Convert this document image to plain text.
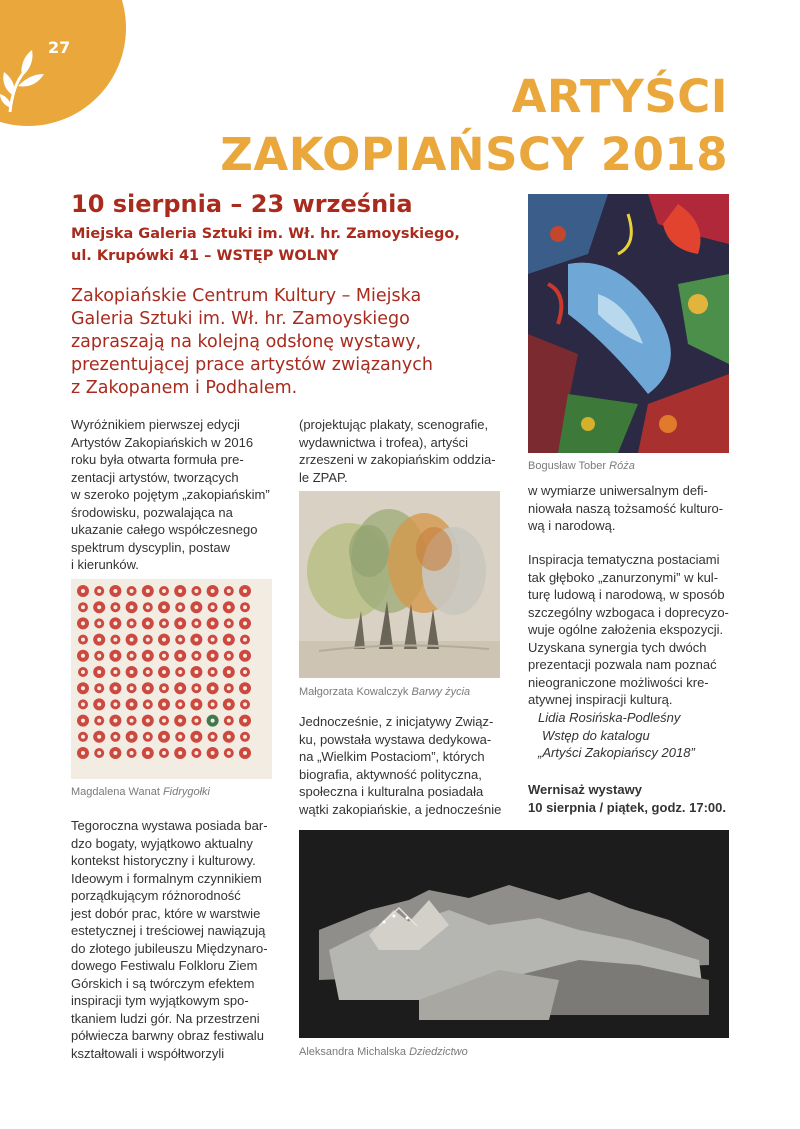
27
ARTYŚCI
ZAKOPIAŃSCY 2018
10 sierpnia – 23 września
Miejska Galeria Sztuki im. Wł. hr. Zamoyskiego,
ul. Krupówki 41 – WSTĘP WOLNY
Zakopiańskie Centrum Kultury – Miejska
Galeria Sztuki im. Wł. hr. Zamoyskiego
zapraszają na kolejną odsłonę wystawy,
prezentującej prace artystów związanych
z Zakopanem i Podhalem.
Wyróżnikiem pierwszej edycji
Artystów Zakopiańskich w 2016
roku była otwarta formuła pre-
zentacji artystów, tworzących
w szeroko pojętym „zakopiańskim”
środowisku, pozwalająca na
ukazanie całego współczesnego
spektrum dyscyplin, postaw
i kierunków.
Magdalena Wanat Fidrygołki
Tegoroczna wystawa posiada bar-
dzo bogaty, wyjątkowo aktualny
kontekst historyczny i kulturowy.
Ideowym i formalnym czynnikiem
porządkującym różnorodność
jest dobór prac, które w warstwie
estetycznej i treściowej nawiązują
do złotego jubileuszu Międzynaro-
dowego Festiwalu Folkloru Ziem
Górskich i są twórczym efektem
inspiracji tym wyjątkowym spo-
tkaniem ludzi gór. Na przestrzeni
półwiecza barwny obraz festiwalu
kształtowali i współtworzyli
(projektując plakaty, scenografie,
wydawnictwa i trofea), artyści
zrzeszeni w zakopiańskim oddzia-
le ZPAP.
Małgorzata Kowalczyk Barwy życia
Jednocześnie, z inicjatywy Związ-
ku, powstała wystawa dedykowa-
na „Wielkim Postaciom”, których
biografia, aktywność polityczna,
społeczna i kulturalna posiadała
wątki zakopiańskie, a jednocześnie
Bogusław Tober Róża
w wymiarze uniwersalnym defi-
niowała naszą tożsamość kulturo-
wą i narodową.
Inspiracja tematyczna postaciami
tak głęboko „zanurzonymi” w kul-
turę ludową i narodową, w sposób
szczególny wzbogaca i doprecyzo-
wuje ogólne założenia ekspozycji.
Uzyskana synergia tych dwóch
prezentacji pozwala nam poznać
nieograniczone możliwości kre-
atywnej inspiracji kulturą.
Lidia Rosińska-Podleśny
Wstęp do katalogu
„Artyści Zakopiańscy 2018”
Wernisaż wystawy
10 sierpnia / piątek, godz. 17:00.
Aleksandra Michalska Dziedzictwo
